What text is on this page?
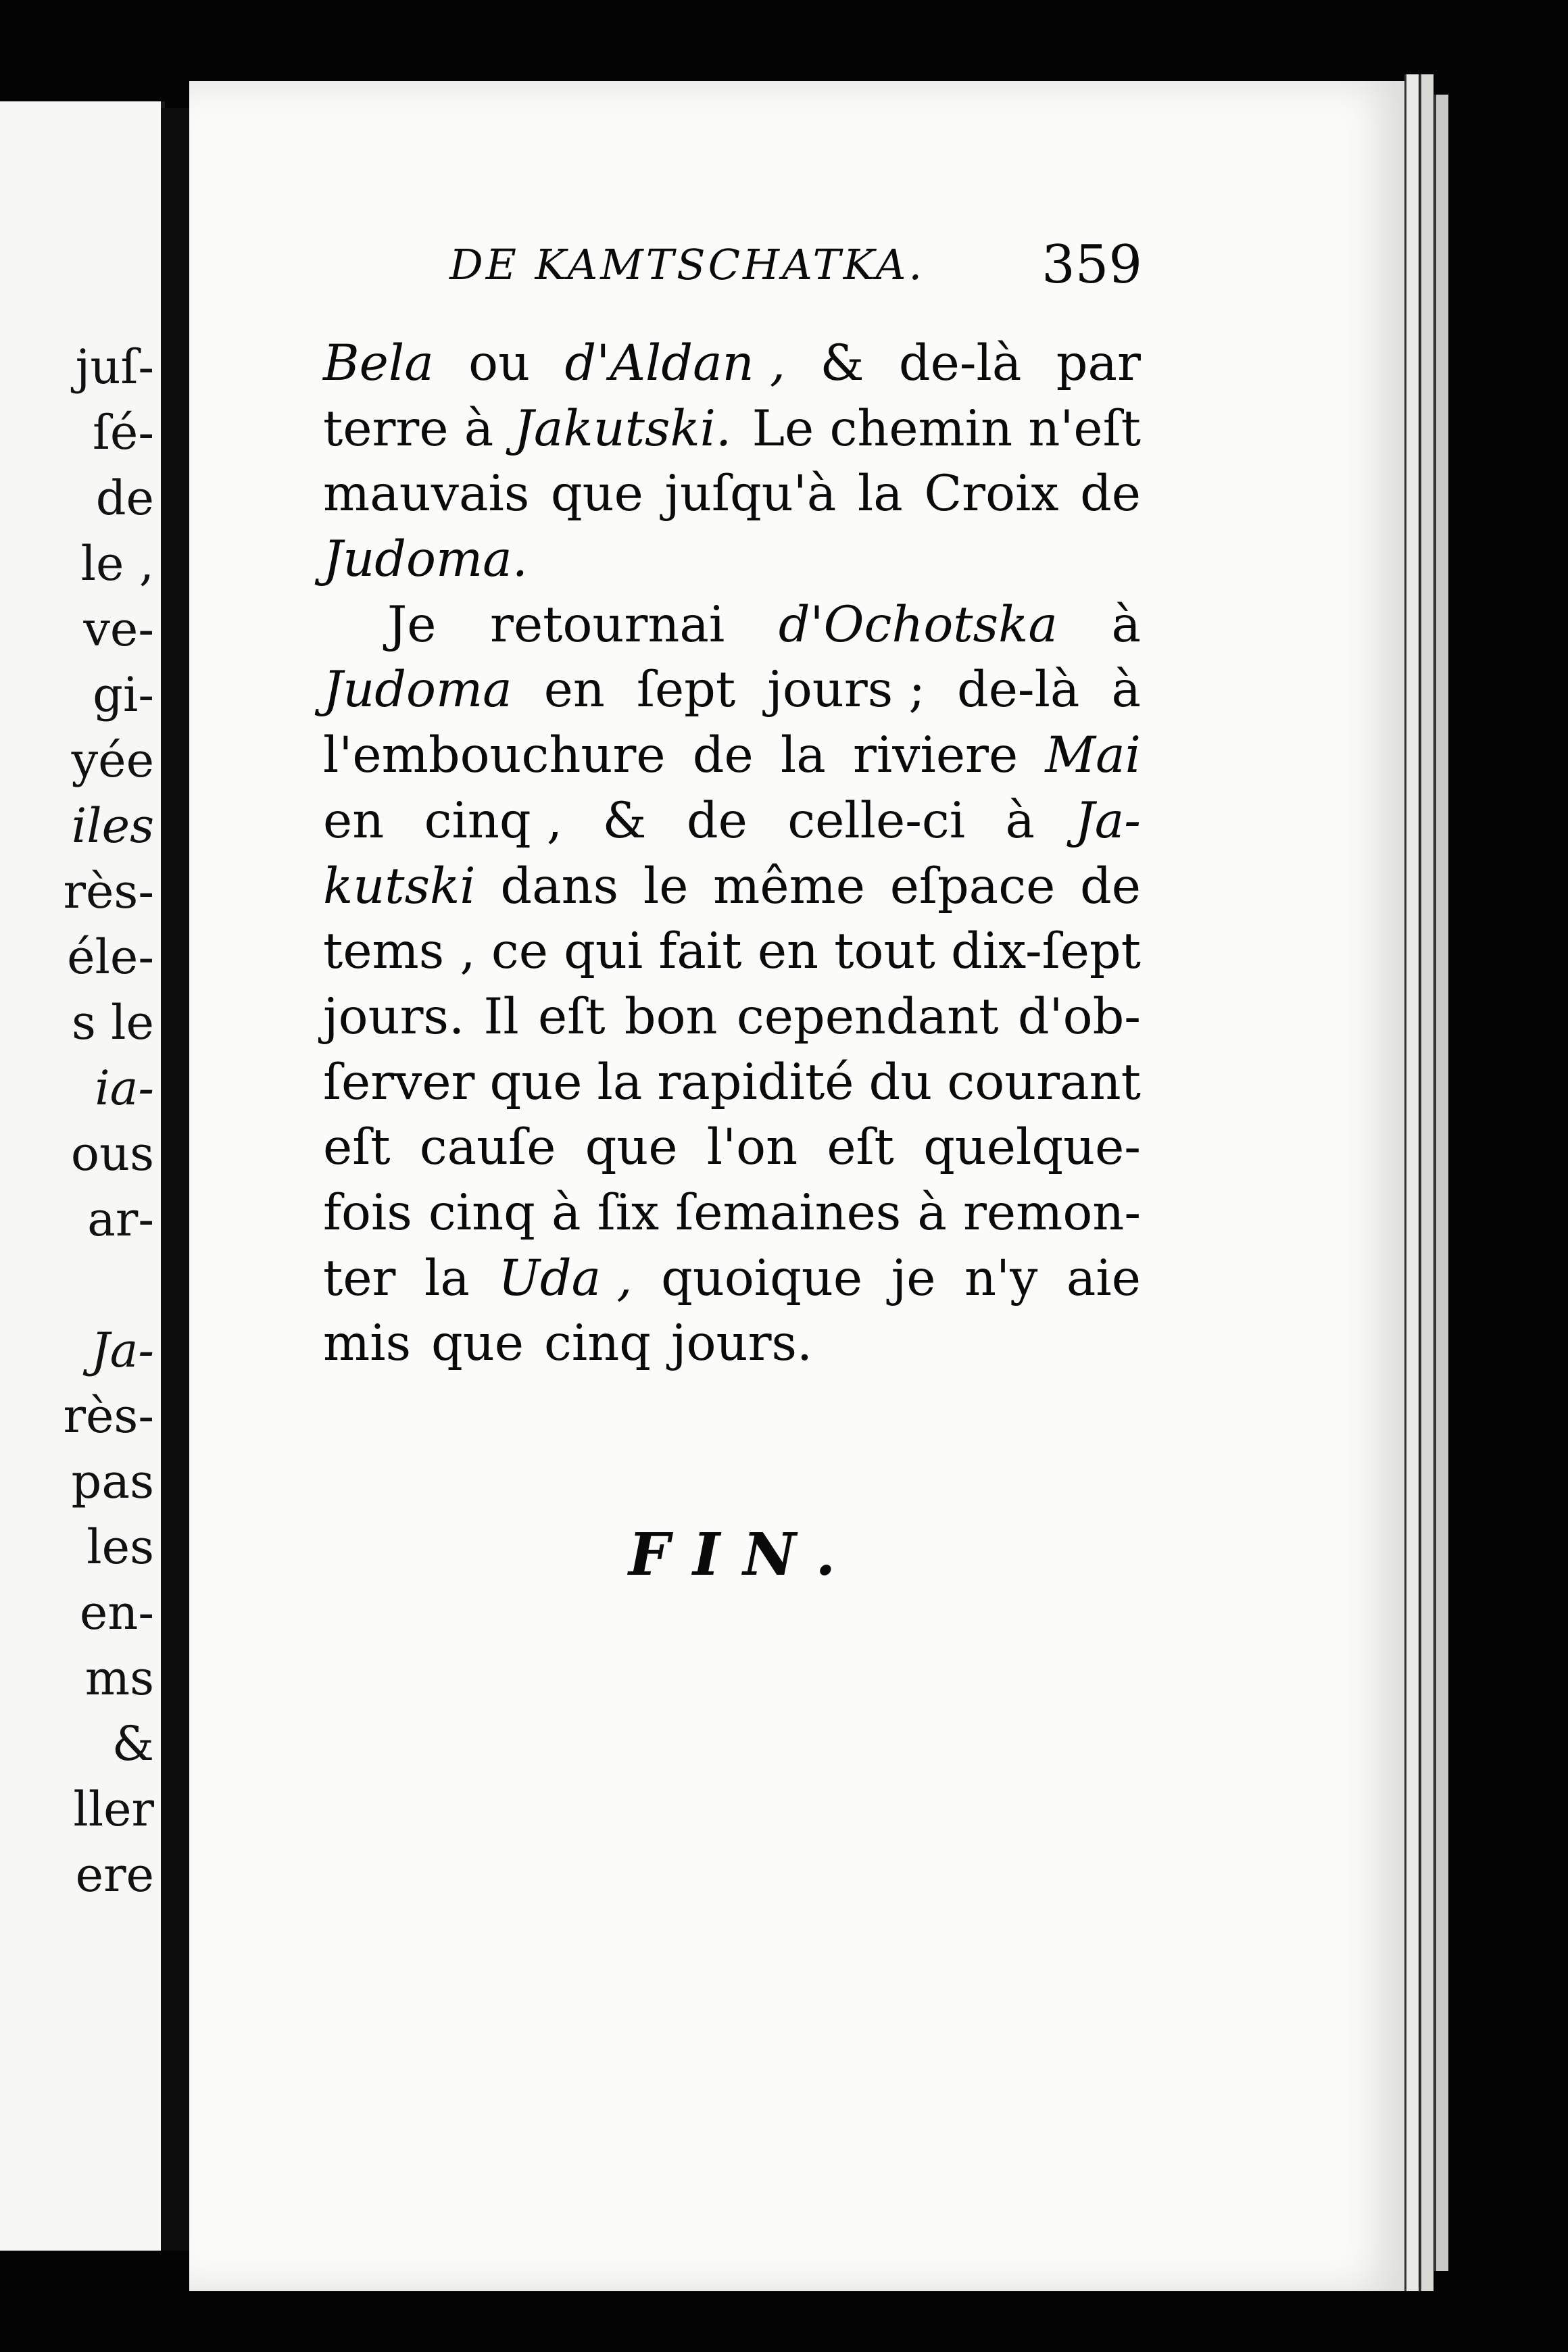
juſ-
ſé-
de
le ,
ve-
gi-
yée
iles
rès-
éle-
s le
ia-
ous
ar-
Ja-
rès-
pas
les
en-
ms
&
ller
ere
DE KAMTSCHATKA. 359
Bela ou d'Aldan , & de-là par
terre à Jakutski. Le chemin n'eſt
mauvais que juſqu'à la Croix de
Judoma.
Je retournai d'Ochotska à
Judoma en ſept jours ; de-là à
l'embouchure de la riviere Mai
en cinq , & de celle-ci à Ja-
kutski dans le même eſpace de
tems , ce qui fait en tout dix-ſept
jours. Il eſt bon cependant d'ob-
ſerver que la rapidité du courant
eſt cauſe que l'on eſt quelque-
fois cinq à ſix ſemaines à remon-
ter la Uda , quoique je n'y aie
mis que cinq jours.
FIN.
